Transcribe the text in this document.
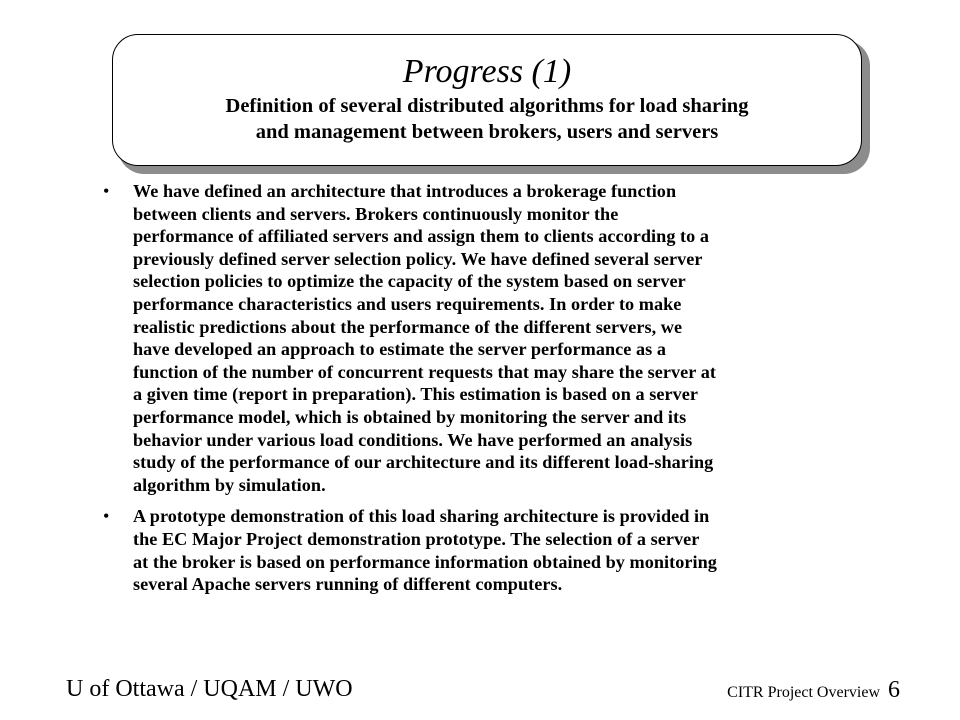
Progress (1)
Definition of several distributed algorithms for load sharing
and management between brokers, users and servers
• We have defined an architecture that introduces a brokerage function
between clients and servers. Brokers continuously monitor the
performance of affiliated servers and assign them to clients according to a
previously defined server selection policy. We have defined several server
selection policies to optimize the capacity of the system based on server
performance characteristics and users requirements. In order to make
realistic predictions about the performance of the different servers, we
have developed an approach to estimate the server performance as a
function of the number of concurrent requests that may share the server at
a given time (report in preparation). This estimation is based on a server
performance model, which is obtained by monitoring the server and its
behavior under various load conditions. We have performed an analysis
study of the performance of our architecture and its different load-sharing
algorithm by simulation.
• A prototype demonstration of this load sharing architecture is provided in
the EC Major Project demonstration prototype. The selection of a server
at the broker is based on performance information obtained by monitoring
several Apache servers running of different computers.
U of Ottawa / UQAM / UWO	CITR Project Overview 6
